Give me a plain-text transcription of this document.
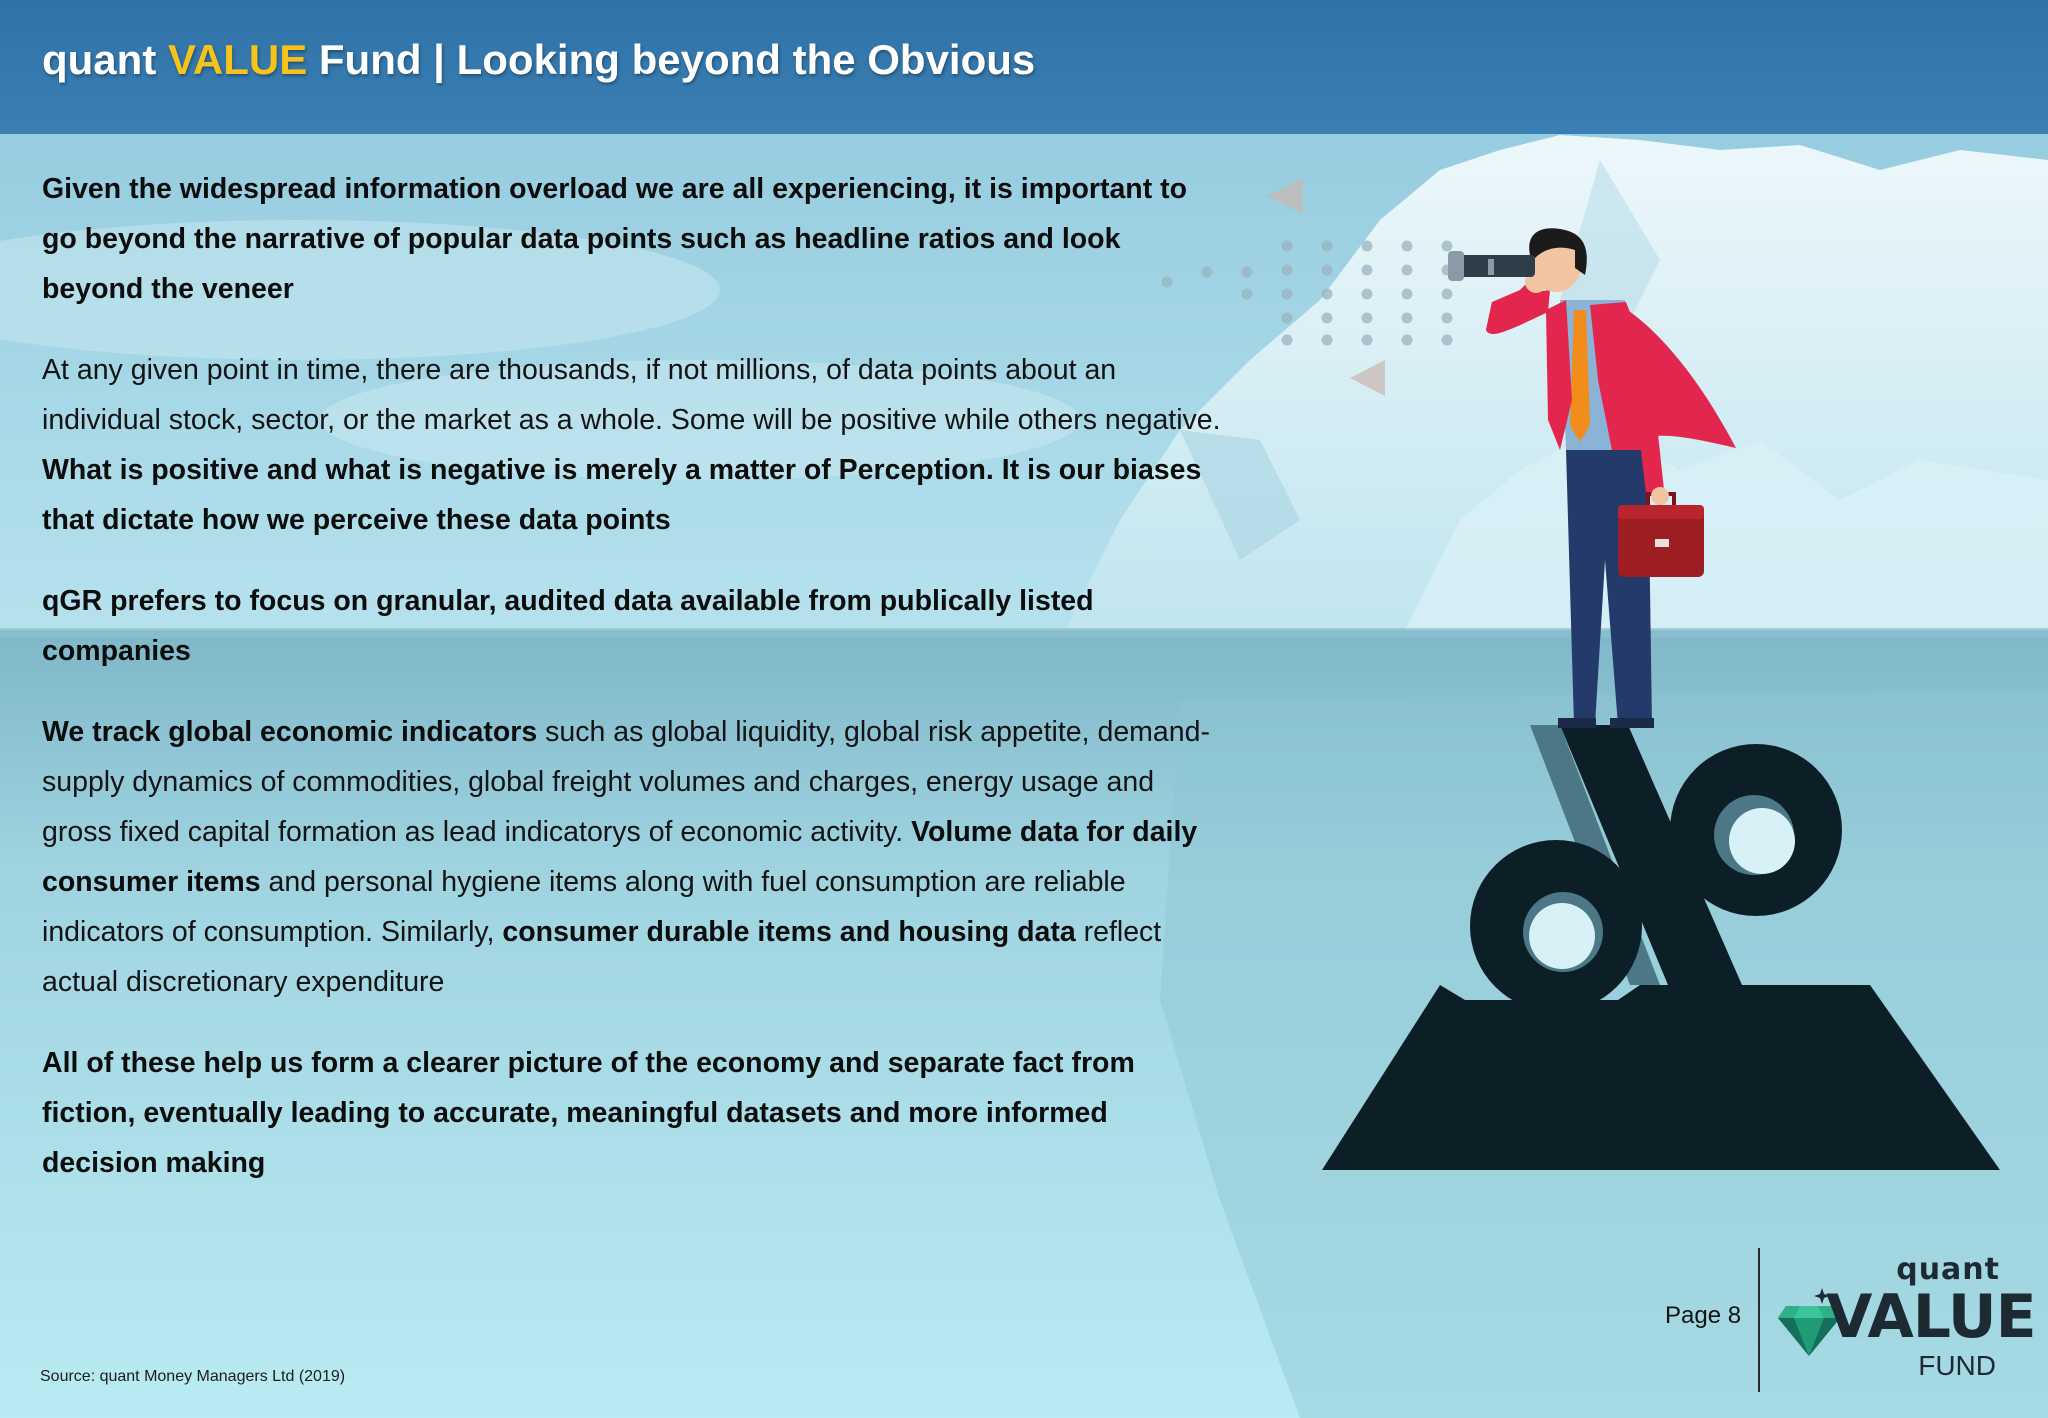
quant VALUE Fund | Looking beyond the Obvious

Given the widespread information overload we are all experiencing, it is important to go beyond the narrative of popular data points such as headline ratios and look beyond the veneer

At any given point in time, there are thousands, if not millions, of data points about an individual stock, sector, or the market as a whole. Some will be positive while others negative. What is positive and what is negative is merely a matter of Perception. It is our biases that dictate how we perceive these data points

qGR prefers to focus on granular, audited data available from publically listed companies

We track global economic indicators such as global liquidity, global risk appetite, demand-supply dynamics of commodities, global freight volumes and charges, energy usage and gross fixed capital formation as lead indicatorys of economic activity. Volume data for daily consumer items and personal hygiene items along with fuel consumption are reliable indicators of consumption. Similarly, consumer durable items and housing data reflect actual discretionary expenditure

All of these help us form a clearer picture of the economy and separate fact from fiction, eventually leading to accurate, meaningful datasets and more informed decision making

Source: quant Money Managers Ltd (2019)
Page 8
quant
VALUE
FUND
